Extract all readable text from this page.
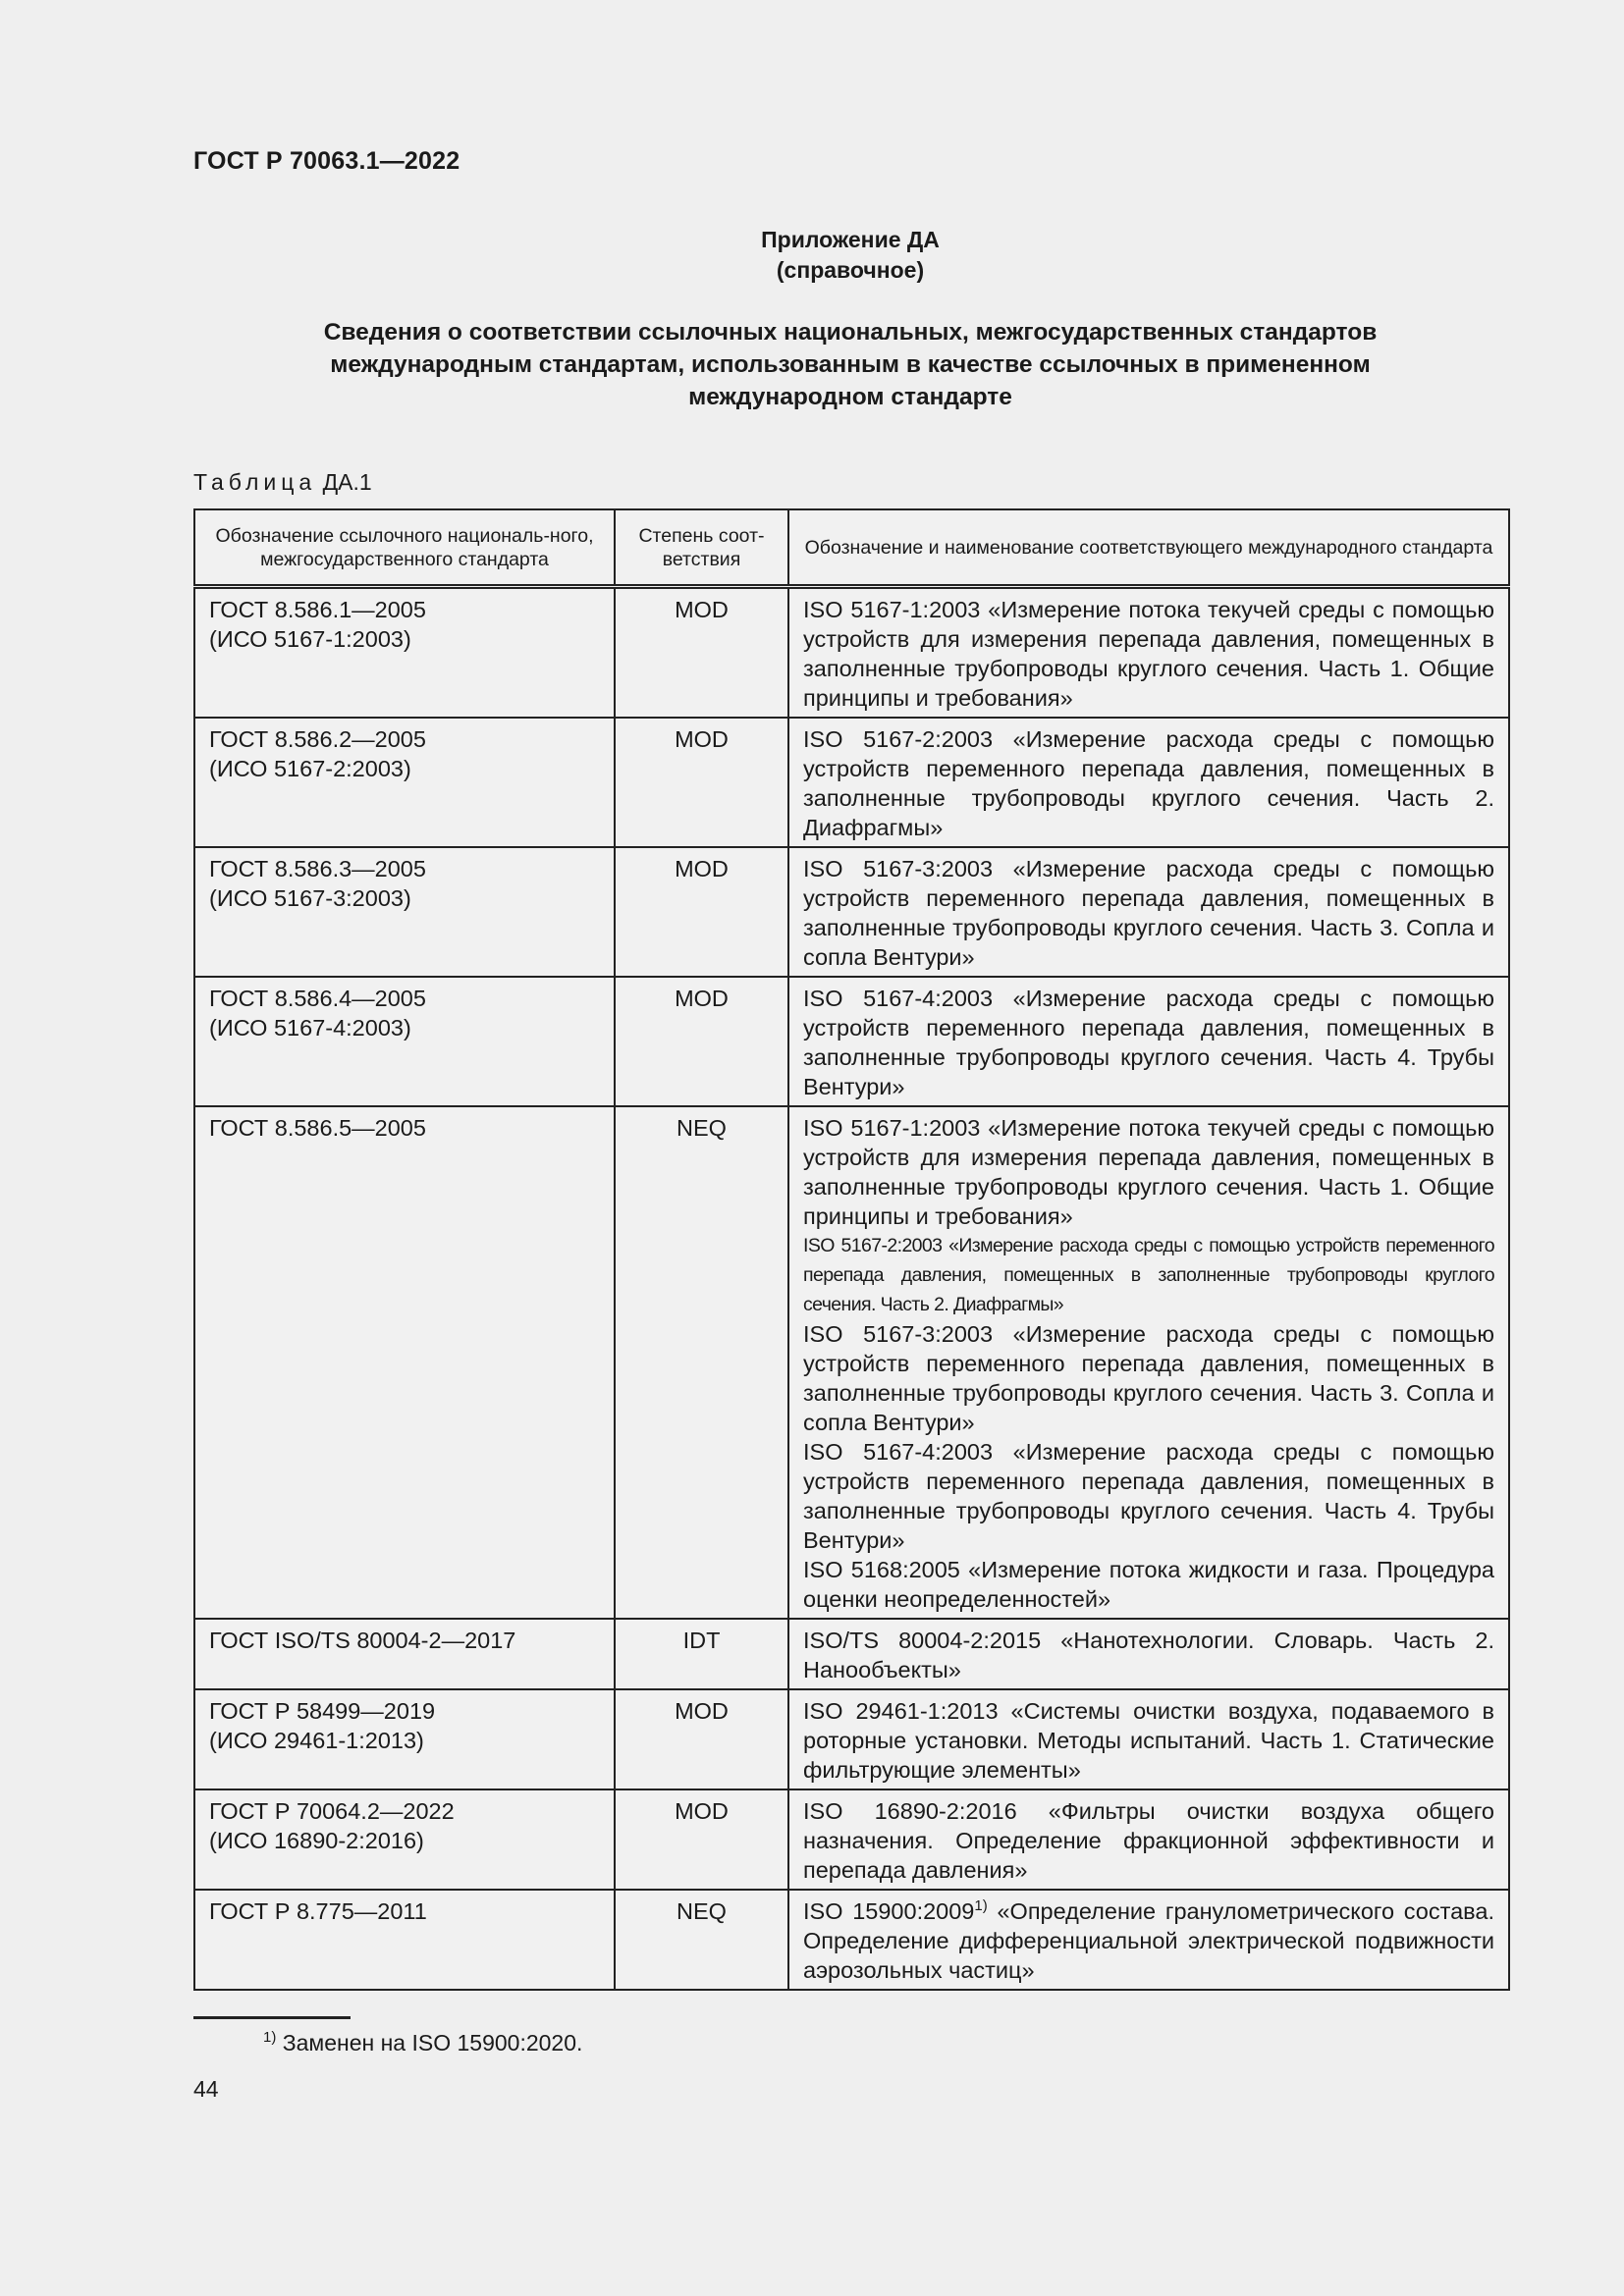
ГОСТ Р 70063.1—2022
Приложение ДА
(справочное)
Сведения о соответствии ссылочных национальных, межгосударственных стандартов
международным стандартам, использованным в качестве ссылочных в примененном
международном стандарте
Таблица ДА.1
Обозначение ссылочного националь-ного, межгосударственного стандарта	Степень соот-ветствия	Обозначение и наименование соответствующего международного стандарта

ГОСТ 8.586.1—2005
(ИСО 5167-1:2003)	MOD	ISO 5167-1:2003 «Измерение потока текучей среды с помощью устройств для измерения перепада давления, помещенных в заполненные трубопроводы круглого сечения. Часть 1. Общие принципы и требования»

ГОСТ 8.586.2—2005
(ИСО 5167-2:2003)	MOD	ISO 5167-2:2003 «Измерение расхода среды с помощью устройств переменного перепада давления, помещенных в заполненные трубопроводы круглого сечения. Часть 2. Диафрагмы»

ГОСТ 8.586.3—2005
(ИСО 5167-3:2003)	MOD	ISO 5167-3:2003 «Измерение расхода среды с помощью устройств переменного перепада давления, помещенных в заполненные трубопроводы круглого сечения. Часть 3. Сопла и сопла Вентури»

ГОСТ 8.586.4—2005
(ИСО 5167-4:2003)	MOD	ISO 5167-4:2003 «Измерение расхода среды с помощью устройств переменного перепада давления, помещенных в заполненные трубопроводы круглого сечения. Часть 4. Трубы Вентури»

ГОСТ 8.586.5—2005	NEQ	ISO 5167-1:2003 «Измерение потока текучей среды с помощью устройств для измерения перепада давления, помещенных в заполненные трубопроводы круглого сечения. Часть 1. Общие принципы и требования»
ISO 5167-2:2003 «Измерение расхода среды с помощью устройств переменного перепада давления, помещенных в заполненные трубопроводы круглого сечения. Часть 2. Диафрагмы»
ISO 5167-3:2003 «Измерение расхода среды с помощью устройств переменного перепада давления, помещенных в заполненные трубопроводы круглого сечения. Часть 3. Сопла и сопла Вентури»
ISO 5167-4:2003 «Измерение расхода среды с помощью устройств переменного перепада давления, помещенных в заполненные трубопроводы круглого сечения. Часть 4. Трубы Вентури»
ISO 5168:2005 «Измерение потока жидкости и газа. Процедура оценки неопределенностей»

ГОСТ ISO/TS 80004-2—2017	IDT	ISO/TS 80004-2:2015 «Нанотехнологии. Словарь. Часть 2. Нанообъекты»

ГОСТ Р 58499—2019
(ИСО 29461-1:2013)	MOD	ISO 29461-1:2013 «Системы очистки воздуха, подаваемого в роторные установки. Методы испытаний. Часть 1. Статические фильтрующие элементы»

ГОСТ Р 70064.2—2022
(ИСО 16890-2:2016)	MOD	ISO 16890-2:2016 «Фильтры очистки воздуха общего назначения. Определение фракционной эффективности и перепада давления»

ГОСТ Р 8.775—2011	NEQ	ISO 15900:2009$^{1)}$ «Определение гранулометрического состава. Определение дифференциальной электрической подвижности аэрозольных частиц»
$^{1)}$ Заменен на ISO 15900:2020.
44
